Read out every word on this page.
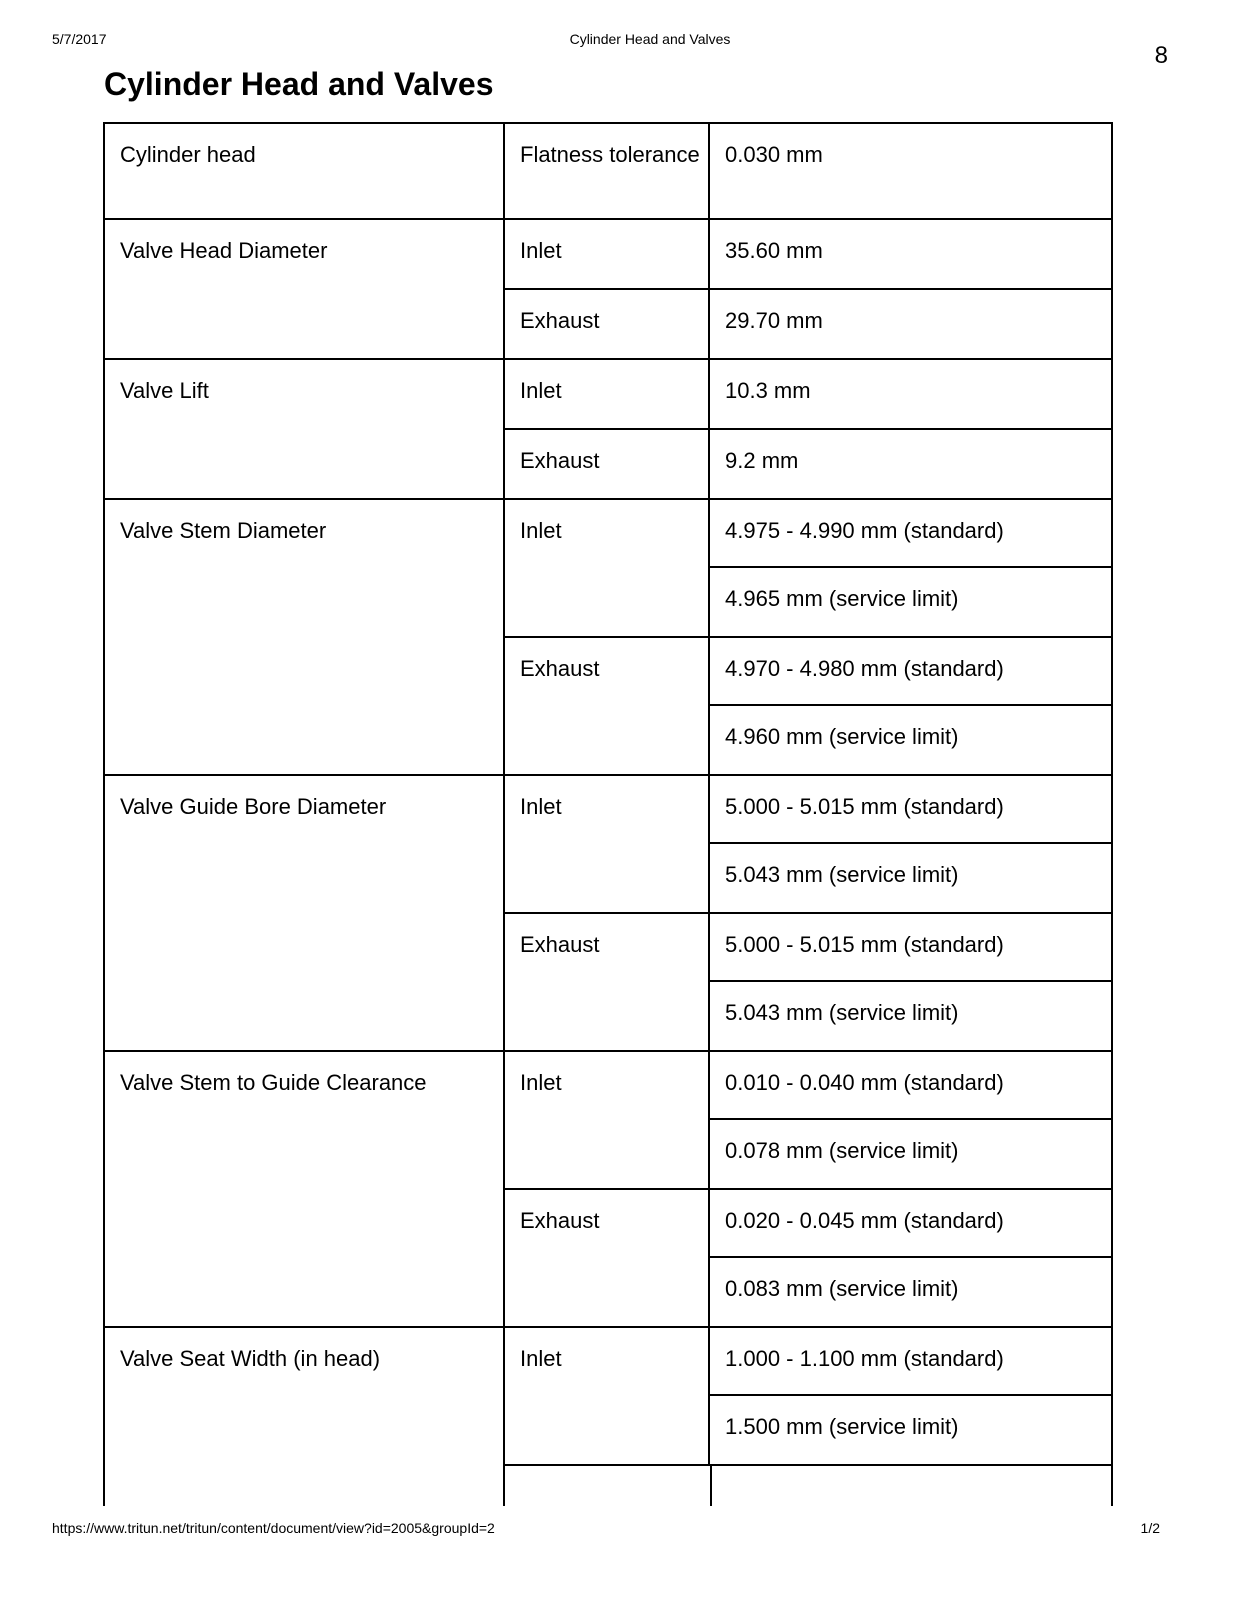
5/7/2017	Cylinder Head and Valves
8
Cylinder Head and Valves
Cylinder head	Flatness tolerance	0.030 mm
Valve Head Diameter	Inlet	35.60 mm
Exhaust	29.70 mm
Valve Lift	Inlet	10.3 mm
Exhaust	9.2 mm
Valve Stem Diameter	Inlet	4.975 - 4.990 mm (standard)
4.965 mm (service limit)
Exhaust	4.970 - 4.980 mm (standard)
4.960 mm (service limit)
Valve Guide Bore Diameter	Inlet	5.000 - 5.015 mm (standard)
5.043 mm (service limit)
Exhaust	5.000 - 5.015 mm (standard)
5.043 mm (service limit)
Valve Stem to Guide Clearance	Inlet	0.010 - 0.040 mm (standard)
0.078 mm (service limit)
Exhaust	0.020 - 0.045 mm (standard)
0.083 mm (service limit)
Valve Seat Width (in head)	Inlet	1.000 - 1.100 mm (standard)
1.500 mm (service limit)
https://www.tritun.net/tritun/content/document/view?id=2005&groupId=2	1/2
